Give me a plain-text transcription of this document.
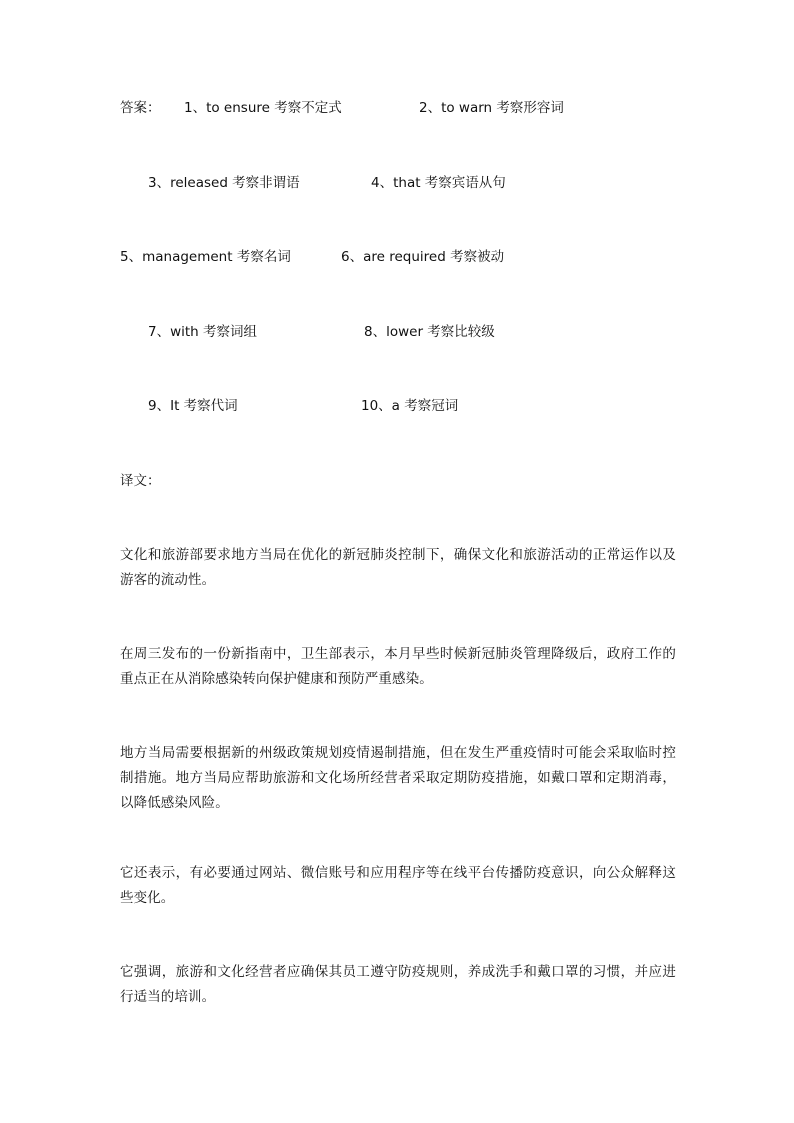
答案： 1、to ensure 考察不定式	2、to warn 考察形容词
3、released 考察非谓语	4、that 考察宾语从句
5、management 考察名词	6、are required 考察被动
7、with 考察词组	8、lower 考察比较级
9、It 考察代词	10、a 考察冠词
译文：
文化和旅游部要求地方当局在优化的新冠肺炎控制下，确保文化和旅游活动的正常运作以及游客的流动性。
在周三发布的一份新指南中，卫生部表示，本月早些时候新冠肺炎管理降级后，政府工作的重点正在从消除感染转向保护健康和预防严重感染。
地方当局需要根据新的州级政策规划疫情遏制措施，但在发生严重疫情时可能会采取临时控制措施。地方当局应帮助旅游和文化场所经营者采取定期防疫措施，如戴口罩和定期消毒，以降低感染风险。
它还表示，有必要通过网站、微信账号和应用程序等在线平台传播防疫意识，向公众解释这些变化。
它强调，旅游和文化经营者应确保其员工遵守防疫规则，养成洗手和戴口罩的习惯，并应进行适当的培训。
